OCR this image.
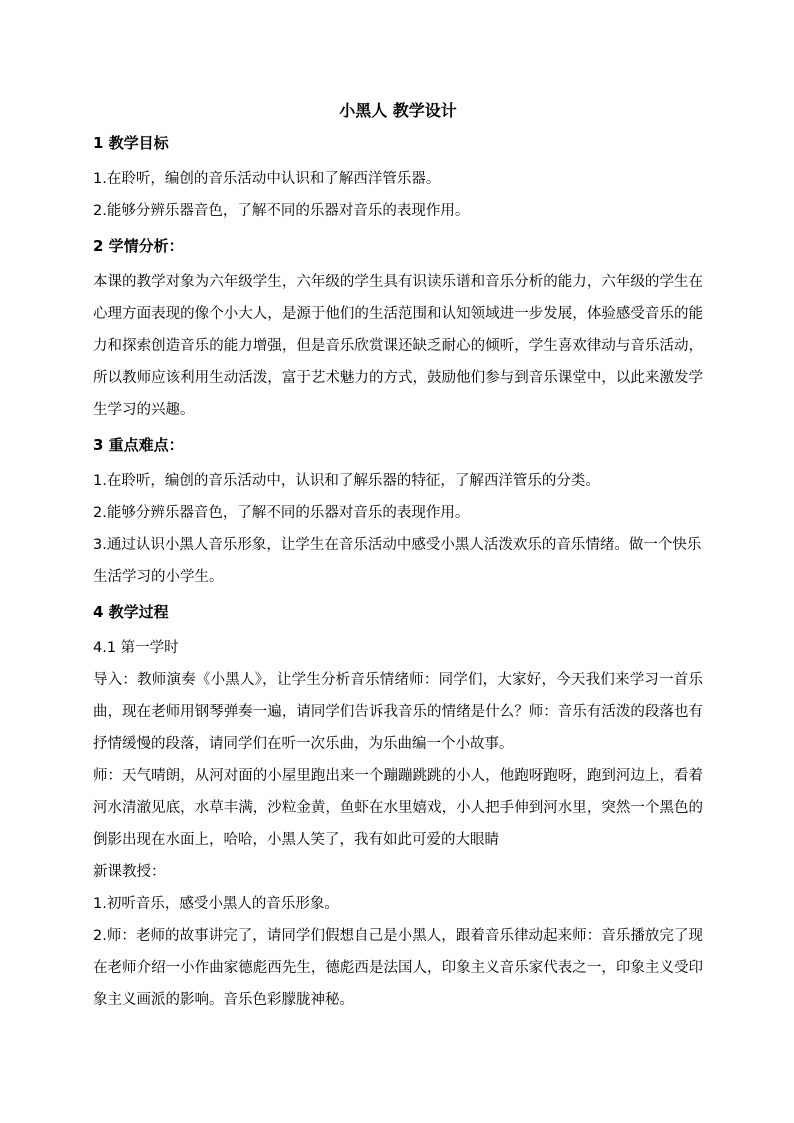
小黑人 教学设计
1 教学目标
1.在聆听，编创的音乐活动中认识和了解西洋管乐器。
2.能够分辨乐器音色，了解不同的乐器对音乐的表现作用。
2 学情分析：
本课的教学对象为六年级学生，六年级的学生具有识读乐谱和音乐分析的能力，六年级的学生在心理方面表现的像个小大人，是源于他们的生活范围和认知领域进一步发展，体验感受音乐的能力和探索创造音乐的能力增强，但是音乐欣赏课还缺乏耐心的倾听，学生喜欢律动与音乐活动，所以教师应该利用生动活泼，富于艺术魅力的方式，鼓励他们参与到音乐课堂中，以此来激发学生学习的兴趣。
3 重点难点：
1.在聆听，编创的音乐活动中，认识和了解乐器的特征，了解西洋管乐的分类。
2.能够分辨乐器音色，了解不同的乐器对音乐的表现作用。
3.通过认识小黑人音乐形象，让学生在音乐活动中感受小黑人活泼欢乐的音乐情绪。做一个快乐生活学习的小学生。
4 教学过程
4.1 第一学时
导入：教师演奏《小黑人》，让学生分析音乐情绪师：同学们，大家好，今天我们来学习一首乐曲，现在老师用钢琴弹奏一遍，请同学们告诉我音乐的情绪是什么？师：音乐有活泼的段落也有抒情缓慢的段落，请同学们在听一次乐曲，为乐曲编一个小故事。
师：天气晴朗，从河对面的小屋里跑出来一个蹦蹦跳跳的小人，他跑呀跑呀，跑到河边上，看着河水清澈见底，水草丰满，沙粒金黄，鱼虾在水里嬉戏，小人把手伸到河水里，突然一个黑色的倒影出现在水面上，哈哈，小黑人笑了，我有如此可爱的大眼睛
新课教授：
1.初听音乐，感受小黑人的音乐形象。
2.师：老师的故事讲完了，请同学们假想自己是小黑人，跟着音乐律动起来师：音乐播放完了现在老师介绍一小作曲家德彪西先生，德彪西是法国人，印象主义音乐家代表之一，印象主义受印象主义画派的影响。音乐色彩朦胧神秘。
